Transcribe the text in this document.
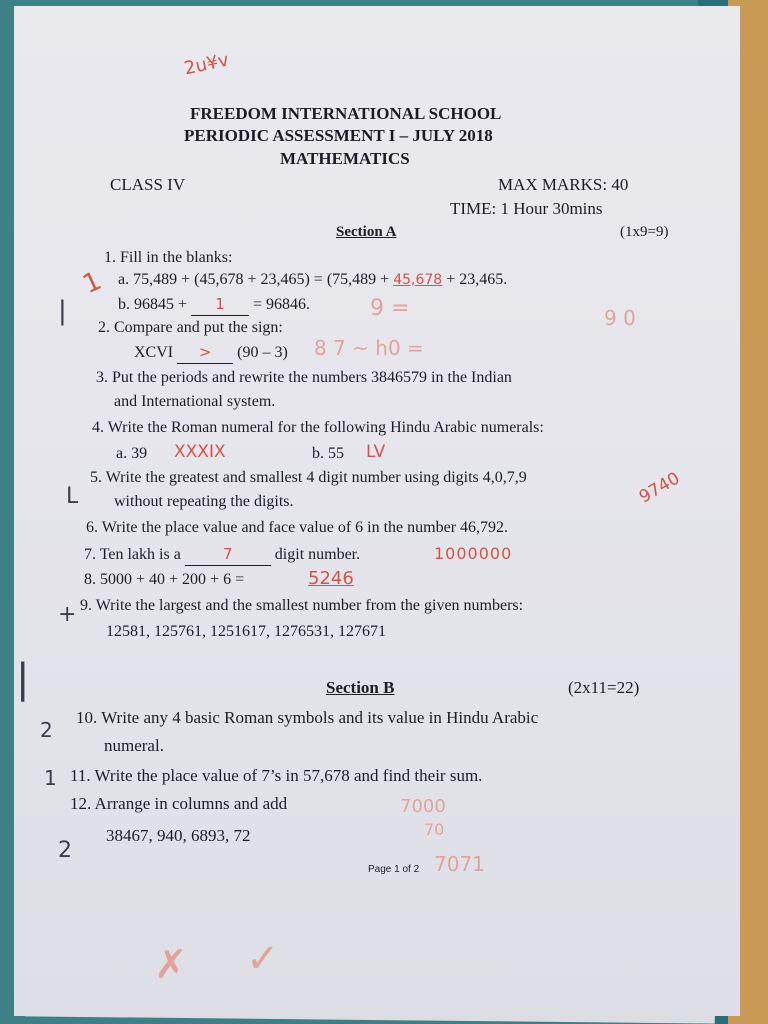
2u¥v
FREEDOM INTERNATIONAL SCHOOL
PERIODIC ASSESSMENT I – JULY 2018
MATHEMATICS
CLASS IV	MAX MARKS: 40
TIME: 1 Hour 30mins
Section A	(1x9=9)
1. Fill in the blanks:
1 a. 75,489 + (45,678 + 23,465) = (75,489 + 45,678 + 23,465.
b. 96845 + 1 = 96846.	9 =
2. Compare and put the sign:
XCVI > (90 – 3) 8 7 ~ h0 =
9 0
|
3. Put the periods and rewrite the numbers 3846579 in the Indian
and International system.
4. Write the Roman numeral for the following Hindu Arabic numerals:
a. 39 XXXIX	b. 55 LV
L
5. Write the greatest and smallest 4 digit number using digits 4,0,7,9
without repeating the digits.	9740
6. Write the place value and face value of 6 in the number 46,792.
7. Ten lakh is a	7	digit number.	1000000
8. 5000 + 40 + 200 + 6 =	5246
+ 9. Write the largest and the smallest number from the given numbers:
12581, 125761, 1251617, 1276531, 127671
|	Section B	(2x11=22)
2
10. Write any 4 basic Roman symbols and its value in Hindu Arabic
numeral.
1 11. Write the place value of 7’s in 57,678 and find their sum.
12. Arrange in columns and add	7000
70
2
38467, 940, 6893, 72
Page 1 of 2 7071
✓
✗
